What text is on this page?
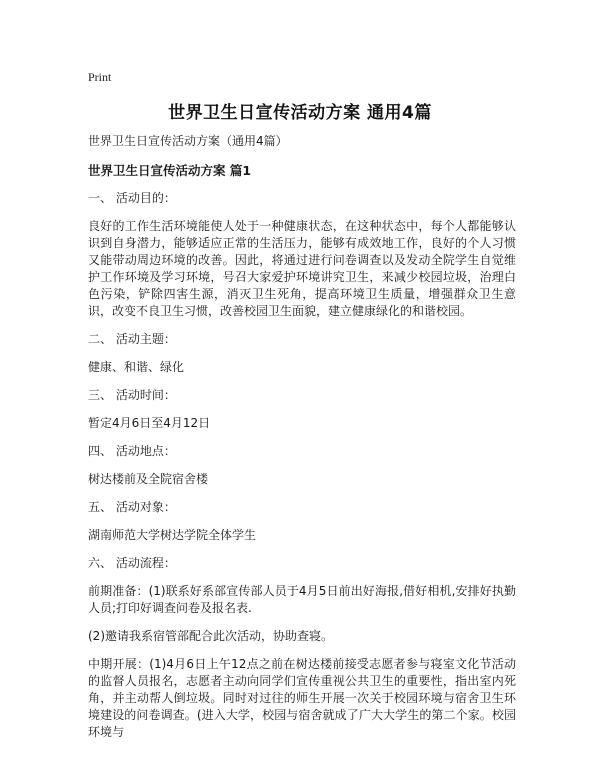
Print
世界卫生日宣传活动方案 通用4篇

世界卫生日宣传活动方案（通用4篇）

世界卫生日宣传活动方案 篇1

一、 活动目的：

良好的工作生活环境能使人处于一种健康状态，在这种状态中，每个人都能够认识到自身潜力，能够适应正常的生活压力，能够有成效地工作，良好的个人习惯又能带动周边环境的改善。因此，将通过进行问卷调查以及发动全院学生自觉维护工作环境及学习环境，号召大家爱护环境讲究卫生，来减少校园垃圾，治理白色污染，铲除四害生源，消灭卫生死角，提高环境卫生质量，增强群众卫生意识，改变不良卫生习惯，改善校园卫生面貌，建立健康绿化的和谐校园。

二、 活动主题：

健康、和谐、绿化

三、 活动时间：

暂定4月6日至4月12日

四、 活动地点：

树达楼前及全院宿舍楼

五、 活动对象：

湖南师范大学树达学院全体学生

六、 活动流程：

前期准备：(1)联系好系部宣传部人员于4月5日前出好海报,借好相机,安排好执勤人员;打印好调查问卷及报名表.

(2)邀请我系宿管部配合此次活动，协助查寝。

中期开展：(1)4月6日上午12点之前在树达楼前接受志愿者参与寝室文化节活动的监督人员报名，志愿者主动向同学们宣传重视公共卫生的重要性，指出室内死角，并主动帮人倒垃圾。同时对过往的师生开展一次关于校园环境与宿舍卫生环境建设的问卷调查。(进入大学，校园与宿舍就成了广大大学生的第二个家。校园环境与
